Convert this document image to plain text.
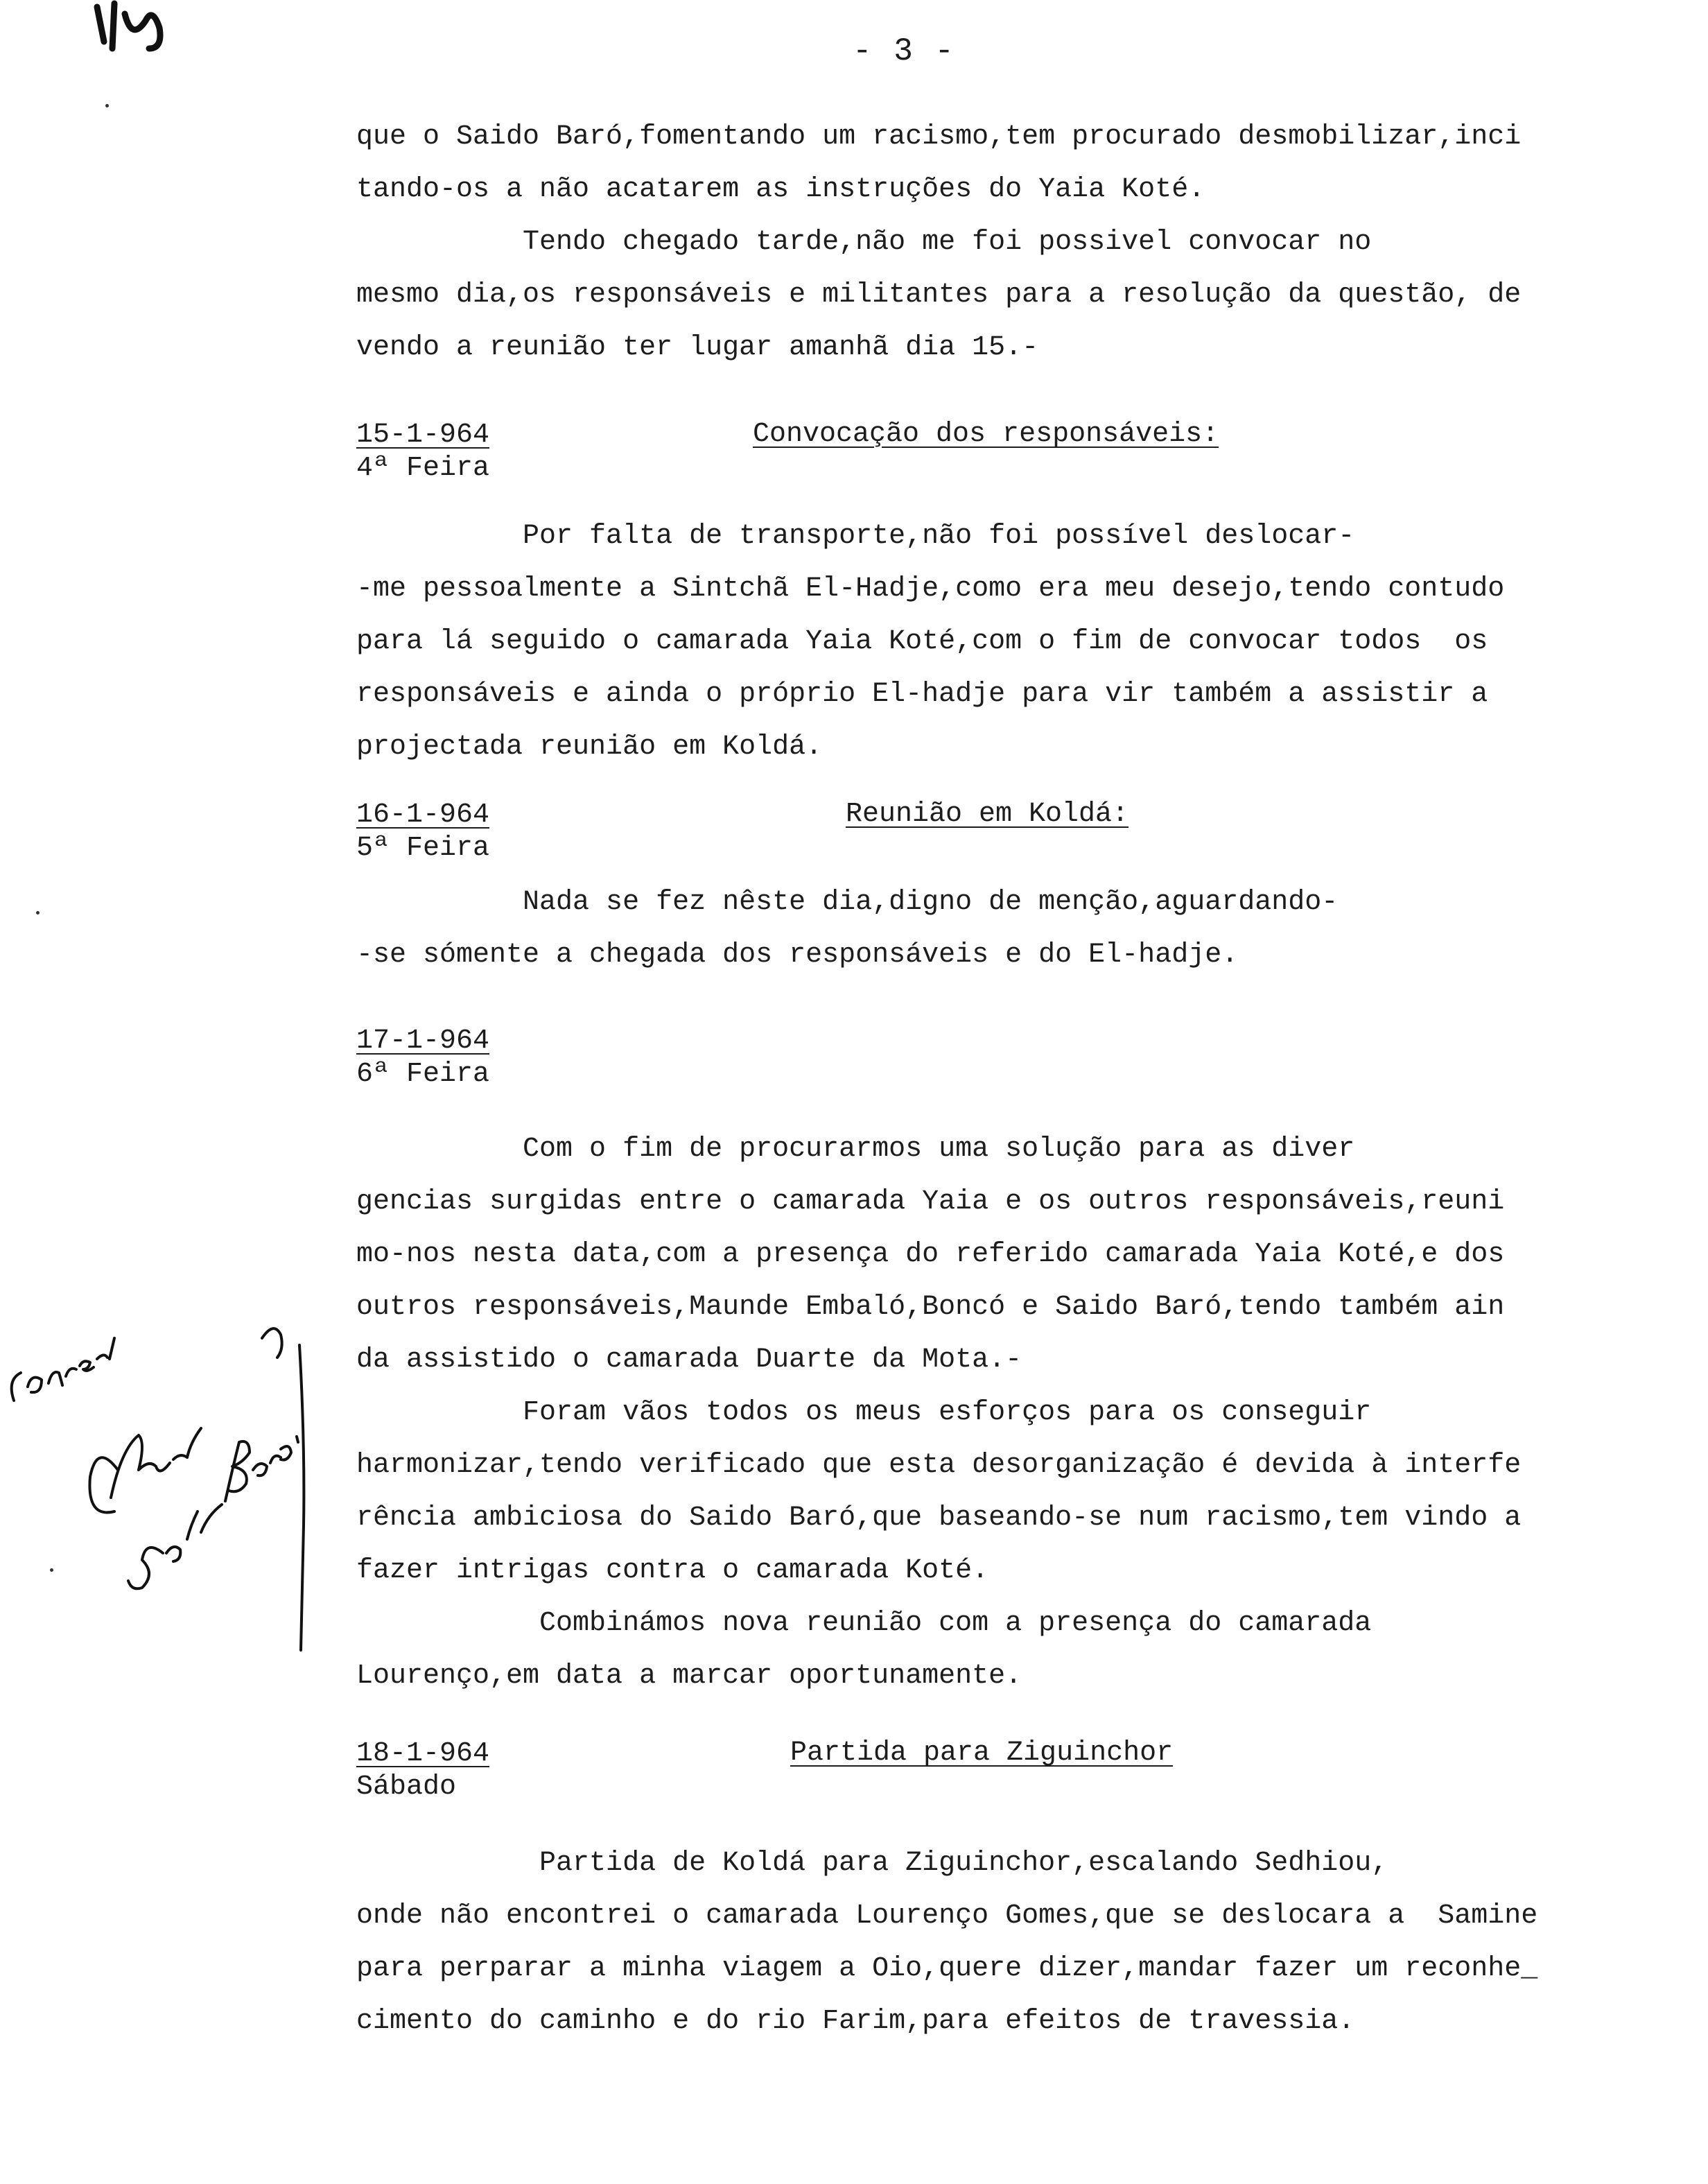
- 3 -
que o Saido Baró,fomentando um racismo,tem procurado desmobilizar,inci
tando-os a não acatarem as instruções do Yaia Koté.
Tendo chegado tarde,não me foi possivel convocar no
mesmo dia,os responsáveis e militantes para a resolução da questão, de
vendo a reunião ter lugar amanhã dia 15.-
15-1-964
4ª Feira
Convocação dos responsáveis:
Por falta de transporte,não foi possível deslocar-
-me pessoalmente a Sintchã El-Hadje,como era meu desejo,tendo contudo
para lá seguido o camarada Yaia Koté,com o fim de convocar todos  os
responsáveis e ainda o próprio El-hadje para vir também a assistir a
projectada reunião em Koldá.
16-1-964
5ª Feira
Reunião em Koldá:
Nada se fez nêste dia,digno de menção,aguardando-
-se sómente a chegada dos responsáveis e do El-hadje.
17-1-964
6ª Feira
Com o fim de procurarmos uma solução para as diver
gencias surgidas entre o camarada Yaia e os outros responsáveis,reuni
mo-nos nesta data,com a presença do referido camarada Yaia Koté,e dos
outros responsáveis,Maunde Embaló,Boncó e Saido Baró,tendo também ain
da assistido o camarada Duarte da Mota.-
Foram vãos todos os meus esforços para os conseguir
harmonizar,tendo verificado que esta desorganização é devida à interfe
rência ambiciosa do Saido Baró,que baseando-se num racismo,tem vindo a
fazer intrigas contra o camarada Koté.
Combinámos nova reunião com a presença do camarada
Lourenço,em data a marcar oportunamente.
18-1-964
Sábado
Partida para Ziguinchor
Partida de Koldá para Ziguinchor,escalando Sedhiou,
onde não encontrei o camarada Lourenço Gomes,que se deslocara a  Samine
para perparar a minha viagem a Oio,quere dizer,mandar fazer um reconhe_
cimento do caminho e do rio Farim,para efeitos de travessia.
